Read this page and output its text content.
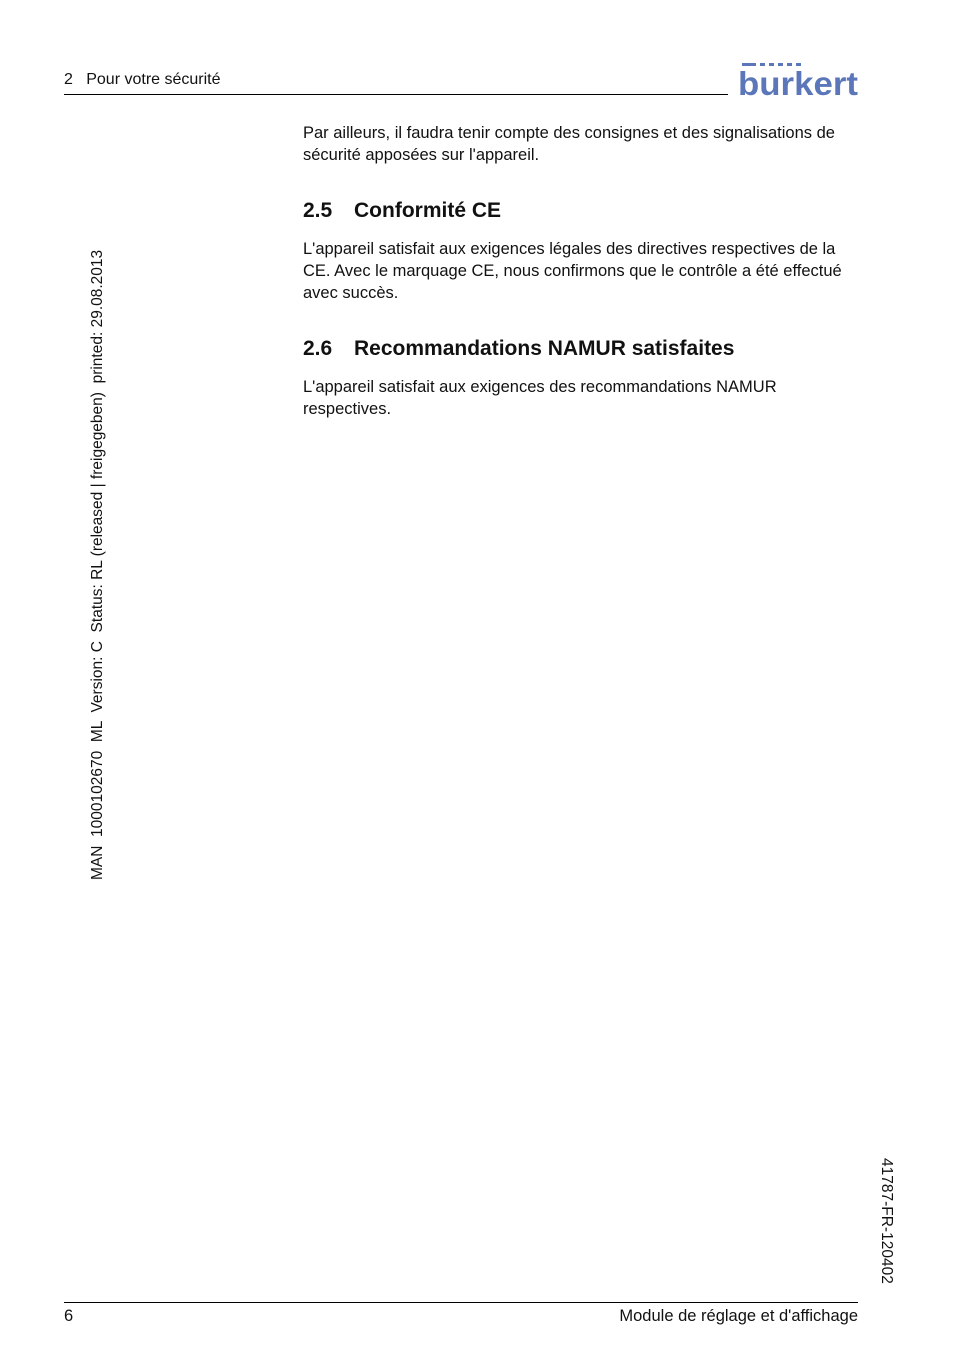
2   Pour votre sécurité	burkert
Par ailleurs, il faudra tenir compte des consignes et des signalisations de sécurité apposées sur l'appareil.
2.5 Conformité CE
L'appareil satisfait aux exigences légales des directives respectives de la CE. Avec le marquage CE, nous confirmons que le contrôle a été effectué avec succès.
2.6 Recommandations NAMUR satisfaites
L'appareil satisfait aux exigences des recommandations NAMUR respectives.
MAN  1000102670  ML  Version: C  Status: RL (released | freigegeben)  printed: 29.08.2013
41787-FR-120402
6	Module de réglage et d'affichage
